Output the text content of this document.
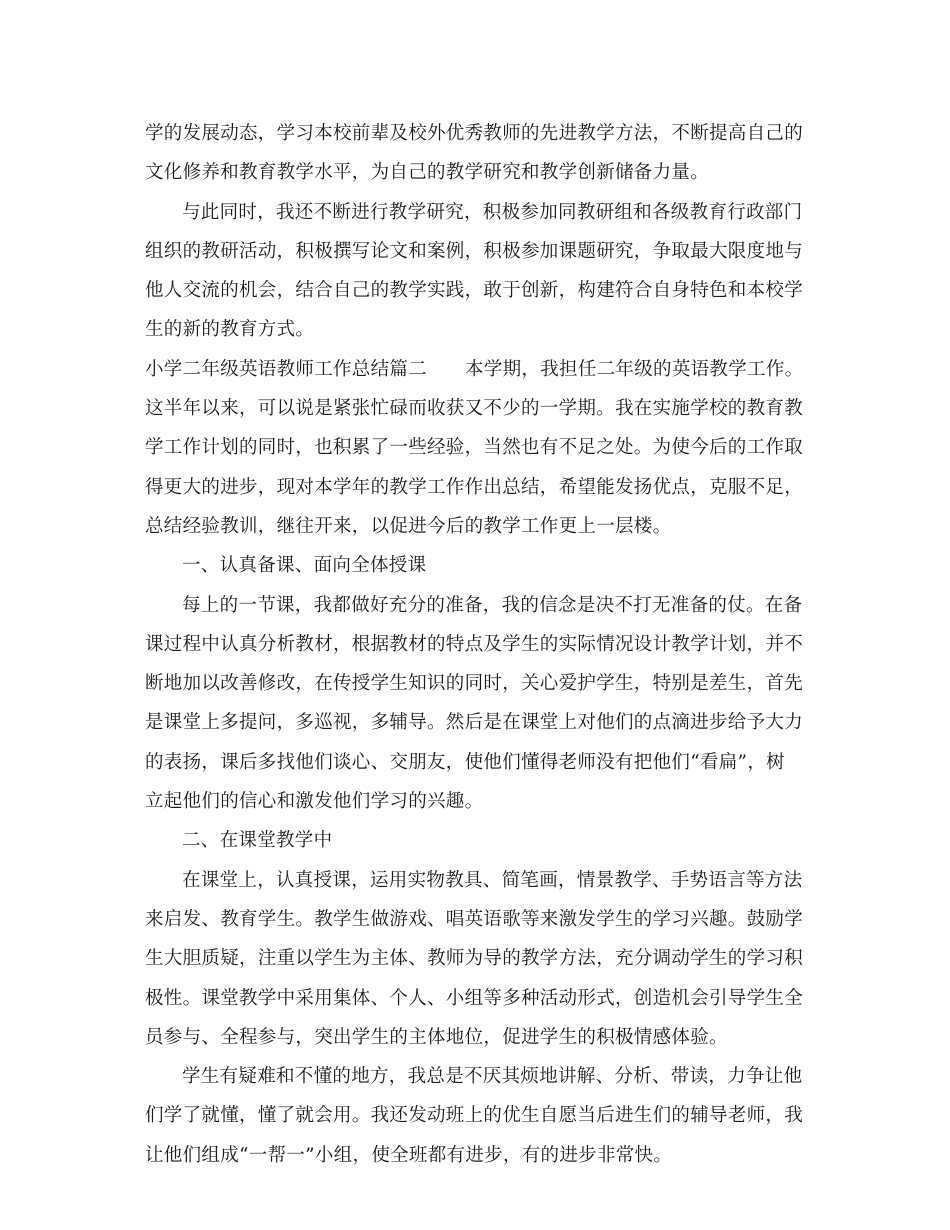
学的发展动态，学习本校前辈及校外优秀教师的先进教学方法，不断提高自己的
文化修养和教育教学水平，为自己的教学研究和教学创新储备力量。
与此同时，我还不断进行教学研究，积极参加同教研组和各级教育行政部门
组织的教研活动，积极撰写论文和案例，积极参加课题研究，争取最大限度地与
他人交流的机会，结合自己的教学实践，敢于创新，构建符合自身特色和本校学
生的新的教育方式。
小学二年级英语教师工作总结篇二 本学期，我担任二年级的英语教学工作。
这半年以来，可以说是紧张忙碌而收获又不少的一学期。我在实施学校的教育教
学工作计划的同时，也积累了一些经验，当然也有不足之处。为使今后的工作取
得更大的进步，现对本学年的教学工作作出总结，希望能发扬优点，克服不足，
总结经验教训，继往开来，以促进今后的教学工作更上一层楼。
一、认真备课、面向全体授课
每上的一节课，我都做好充分的准备，我的信念是决不打无准备的仗。在备
课过程中认真分析教材，根据教材的特点及学生的实际情况设计教学计划，并不
断地加以改善修改，在传授学生知识的同时，关心爱护学生，特别是差生，首先
是课堂上多提问，多巡视，多辅导。然后是在课堂上对他们的点滴进步给予大力
的表扬，课后多找他们谈心、交朋友，使他们懂得老师没有把他们“看扁”，树
立起他们的信心和激发他们学习的兴趣。
二、在课堂教学中
在课堂上，认真授课，运用实物教具、简笔画，情景教学、手势语言等方法
来启发、教育学生。教学生做游戏、唱英语歌等来激发学生的学习兴趣。鼓励学
生大胆质疑，注重以学生为主体、教师为导的教学方法，充分调动学生的学习积
极性。课堂教学中采用集体、个人、小组等多种活动形式，创造机会引导学生全
员参与、全程参与，突出学生的主体地位，促进学生的积极情感体验。
学生有疑难和不懂的地方，我总是不厌其烦地讲解、分析、带读，力争让他
们学了就懂，懂了就会用。我还发动班上的优生自愿当后进生们的辅导老师，我
让他们组成“一帮一”小组，使全班都有进步，有的进步非常快。
